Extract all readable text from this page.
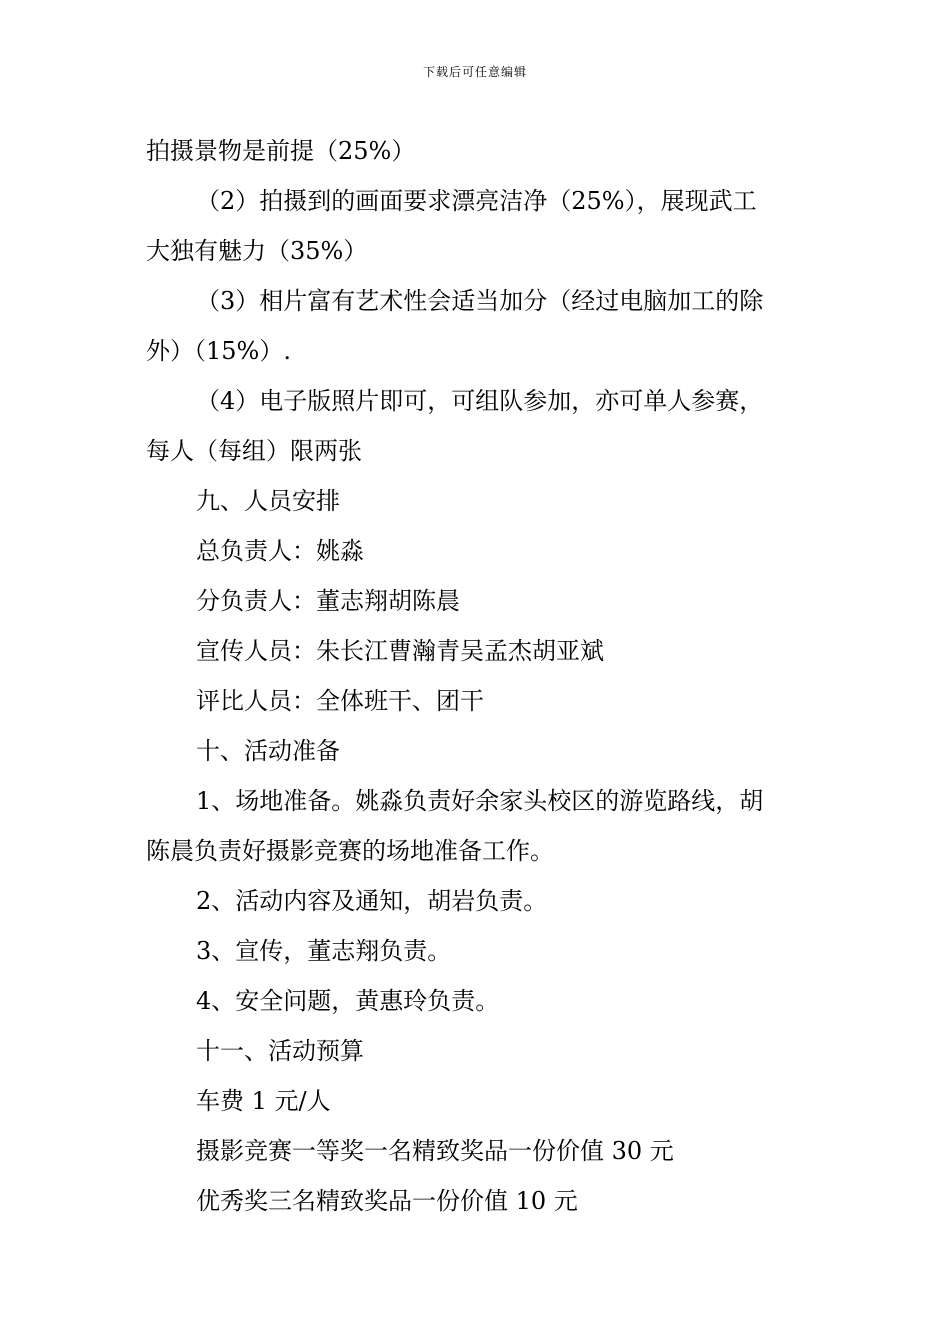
下载后可任意编辑

拍摄景物是前提（25%）

（2）拍摄到的画面要求漂亮洁净（25%），展现武工

大独有魅力（35%）

（3）相片富有艺术性会适当加分（经过电脑加工的除

外）（15%）.

（4）电子版照片即可，可组队参加，亦可单人参赛，

每人（每组）限两张

九、人员安排

总负责人：姚淼

分负责人：董志翔胡陈晨

宣传人员：朱长江曹瀚青吴孟杰胡亚斌

评比人员：全体班干、团干

十、活动准备

1、场地准备。姚淼负责好余家头校区的游览路线，胡

陈晨负责好摄影竞赛的场地准备工作。

2、活动内容及通知，胡岩负责。

3、宣传，董志翔负责。

4、安全问题，黄惠玲负责。

十一、活动预算

车费 1 元/人

摄影竞赛一等奖一名精致奖品一份价值 30 元

优秀奖三名精致奖品一份价值 10 元
